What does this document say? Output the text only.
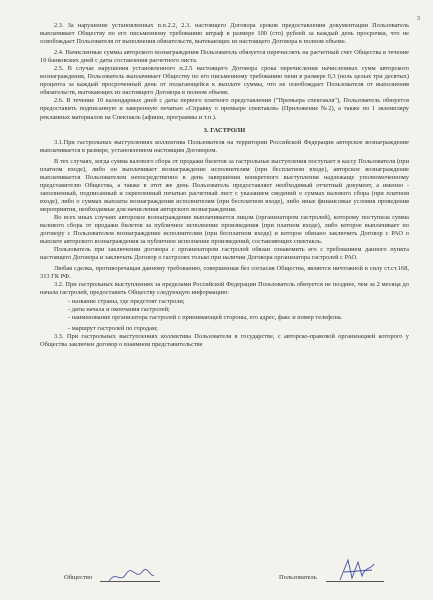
3

2.3. За нарушение установленных п.п.2.2, 2.3. настоящего Договора сроков предоставления документации Пользователь выплачивает Обществу по его письменному требованию штраф в размере 100 (сто) рублей за каждый день просрочки, что не освобождает Пользователя от выполнения обязательств, вытекающих из настоящего Договора в полном объеме.

2.4. Начисленные суммы авторского вознаграждения Пользователь обязуется перечислять на расчетный счет Общества в течение 10 банковских дней с даты составления расчетного листа.

2.5. В случае нарушения установленного п.2.5 настоящего Договора срока перечисления начисленных сумм авторского вознаграждения, Пользователь выплачивает Обществу по его письменному требованию пени в размере 0,3 (ноль целых три десятых) процента за каждый просроченный день от полагающейся к выплате суммы, что не освобождает Пользователя от выполнения обязательств, вытекающих из настоящего Договора в полном объеме.

2.6. В течение 10 календарных дней с даты первого платного представления ("Премьера спектакля"), Пользователь обязуется предоставить подписанную и заверенную печатью «Справку о премьере спектакля» (Приложение №2), а также по 1 экземпляру рекламных материалов на Спектакль (афиши, программы и т.п.).

3. ГАСТРОЛИ

3.1.При гастрольных выступлениях коллектива Пользователя на территории Российской Федерации авторское вознаграждение выплачивается в размере, установленном настоящим Договором.

В тех случаях, когда сумма валового сбора от продажи билетов за гастрольные выступления поступает в кассу Пользователя (при платном входе), либо он выплачивает вознаграждение исполнителям (при бесплатном входе), авторское вознаграждение выплачивается Пользователем непосредственно в день завершения конкретного выступления надлежаще уполномоченному представителю Общества, а также в этот же день Пользователь предоставляет необходимый отчетный документ, а именно - заполненный, подписанный и скрепленный печатью расчетный лист с указанием сведений о суммах валового сбора (при платном входе), либо о суммах выплаты вознаграждения исполнителям (при бесплатном входе), либо иные финансовые условия проведения мероприятия, необходимые для начисления авторского вознаграждения.

Во всех иных случаях авторское вознаграждение выплачивается лицом (организатором гастролей), которому поступила сумма валового сбора от продажи билетов за публичное исполнение произведения (при платном входе), либо которое выплачивает по договору с Пользователем вознаграждение исполнителям (при бесплатном входе) и которое обязано заключить Договор с РАО о выплате авторского вознаграждения за публичное исполнение произведений, составляющих спектакль.

Пользователь при заключении договора с организатором гастролей обязан ознакомить его с требованием данного пункта настоящего Договора и заключать Договор о гастролях только при наличии Договора организатора гастролей с РАО.

Любая сделка, противоречащая данному требованию, совершенная без согласия Общества, является ничтожной в силу ст.ст.168, 313 ГК РФ.

3.2. При гастрольных выступлениях за пределами Российской Федерации Пользователь обязуется не позднее, чем за 2 месяца до начала гастролей, предоставить Обществу следующую информацию:

- название страны, где предстоят гастроли;

- даты начала и окончания гастролей;

- наименование организатора гастролей с принимающей стороны, его адрес, факс и номер телефона.

- маршрут гастролей по городам;

3.3. При гастрольных выступлениях коллектива Пользователя в государстве, с авторско-правовой организацией которого у Общества заключен договор о взаимном представительстве

Общество	Пользователь
